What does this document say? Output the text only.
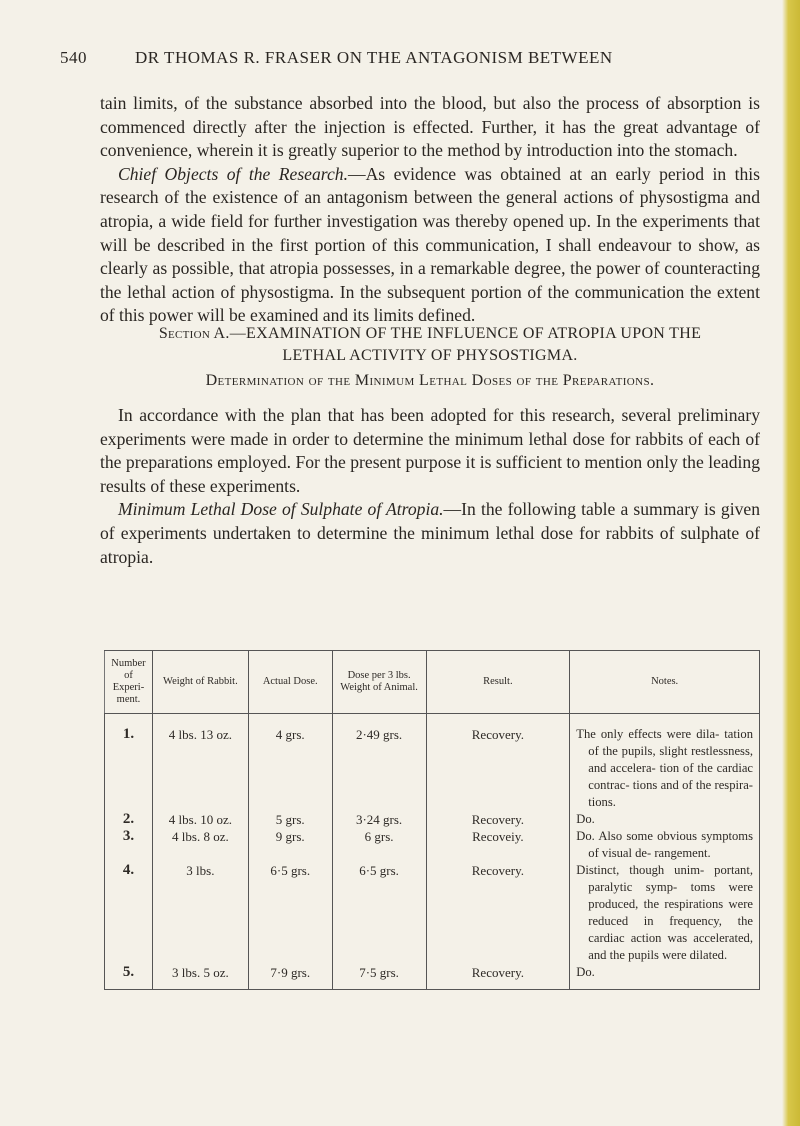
540	DR THOMAS R. FRASER ON THE ANTAGONISM BETWEEN

tain limits, of the substance absorbed into the blood, but also the process of absorption is commenced directly after the injection is effected. Further, it has the great advantage of convenience, wherein it is greatly superior to the method by introduction into the stomach.

Chief Objects of the Research.—As evidence was obtained at an early period in this research of the existence of an antagonism between the general actions of physostigma and atropia, a wide field for further investigation was thereby opened up. In the experiments that will be described in the first portion of this communication, I shall endeavour to show, as clearly as possible, that atropia possesses, in a remarkable degree, the power of counteracting the lethal action of physostigma. In the subsequent portion of the communication the extent of this power will be examined and its limits defined.

Section A.—EXAMINATION OF THE INFLUENCE OF ATROPIA UPON THE
LETHAL ACTIVITY OF PHYSOSTIGMA.
Determination of the Minimum Lethal Doses of the Preparations.

In accordance with the plan that has been adopted for this research, several preliminary experiments were made in order to determine the minimum lethal dose for rabbits of each of the preparations employed. For the present purpose it is sufficient to mention only the leading results of these experiments.

Minimum Lethal Dose of Sulphate of Atropia.—In the following table a summary is given of experiments undertaken to determine the minimum lethal dose for rabbits of sulphate of atropia.

Number of Experi- ment.	Weight of Rabbit.	Actual Dose.	Dose per 3 lbs. Weight of Animal.	Result.	Notes.
1.	4 lbs. 13 oz.	4 grs.	2·49 grs.	Recovery.	The only effects were dila- tation of the pupils, slight restlessness, and accelera- tion of the cardiac contrac- tions and of the respira- tions.

2.	4 lbs. 10 oz.	5 grs.	3·24 grs.	Recovery.	Do.

3.	4 lbs. 8 oz.	9 grs.	6 grs.	Recoveiy.	Do. Also some obvious symptoms of visual de- rangement.

4.	3 lbs.	6·5 grs.	6·5 grs.	Recovery.	Distinct, though unim- portant, paralytic symp- toms were produced, the respirations were reduced in frequency, the cardiac action was accelerated, and the pupils were dilated.

5.	3 lbs. 5 oz.	7·9 grs.	7·5 grs.	Recovery.	Do.
